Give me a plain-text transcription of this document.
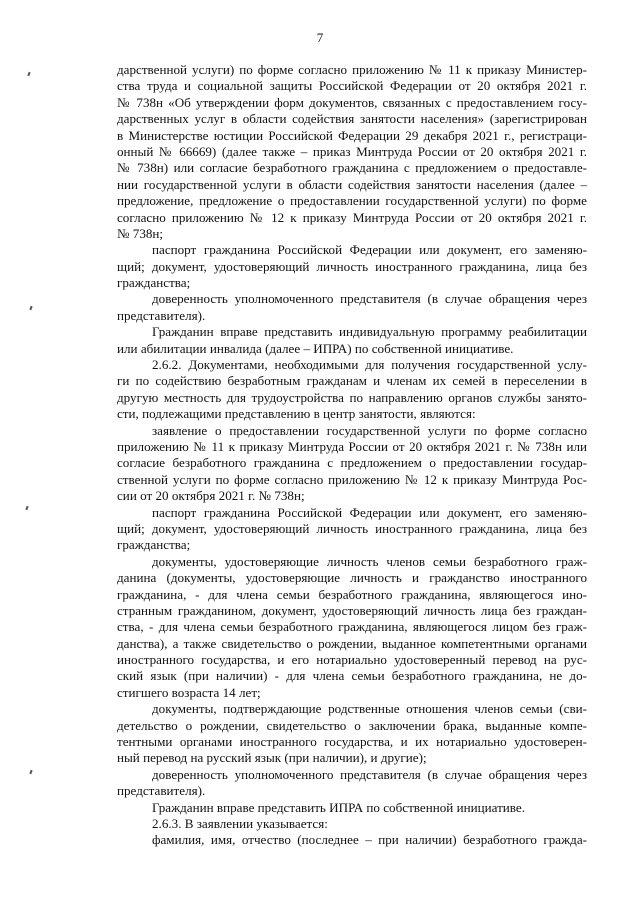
7
дарственной услуги) по форме согласно приложению № 11 к приказу Министер-
ства труда и социальной защиты Российской Федерации от 20 октября 2021 г.
№ 738н «Об утверждении форм документов, связанных с предоставлением госу-
дарственных услуг в области содействия занятости населения» (зарегистрирован
в Министерстве юстиции Российской Федерации 29 декабря 2021 г., регистраци-
онный № 66669) (далее также – приказ Минтруда России от 20 октября 2021 г.
№ 738н) или согласие безработного гражданина с предложением о предоставле-
нии государственной услуги в области содействия занятости населения (далее –
предложение, предложение о предоставлении государственной услуги) по форме
согласно приложению № 12 к приказу Минтруда России от 20 октября 2021 г.
№ 738н;
паспорт гражданина Российской Федерации или документ, его заменяю-
щий; документ, удостоверяющий личность иностранного гражданина, лица без
гражданства;
доверенность уполномоченного представителя (в случае обращения через
представителя).
Гражданин вправе представить индивидуальную программу реабилитации
или абилитации инвалида (далее – ИПРА) по собственной инициативе.
2.6.2. Документами, необходимыми для получения государственной услу-
ги по содействию безработным гражданам и членам их семей в переселении в
другую местность для трудоустройства по направлению органов службы занято-
сти, подлежащими представлению в центр занятости, являются:
заявление о предоставлении государственной услуги по форме согласно
приложению № 11 к приказу Минтруда России от 20 октября 2021 г. № 738н или
согласие безработного гражданина с предложением о предоставлении государ-
ственной услуги по форме согласно приложению № 12 к приказу Минтруда Рос-
сии от 20 октября 2021 г. № 738н;
паспорт гражданина Российской Федерации или документ, его заменяю-
щий; документ, удостоверяющий личность иностранного гражданина, лица без
гражданства;
документы, удостоверяющие личность членов семьи безработного граж-
данина (документы, удостоверяющие личность и гражданство иностранного
гражданина, - для члена семьи безработного гражданина, являющегося ино-
странным гражданином, документ, удостоверяющий личность лица без граждан-
ства, - для члена семьи безработного гражданина, являющегося лицом без граж-
данства), а также свидетельство о рождении, выданное компетентными органами
иностранного государства, и его нотариально удостоверенный перевод на рус-
ский язык (при наличии) - для члена семьи безработного гражданина, не до-
стигшего возраста 14 лет;
документы, подтверждающие родственные отношения членов семьи (сви-
детельство о рождении, свидетельство о заключении брака, выданные компе-
тентными органами иностранного государства, и их нотариально удостоверен-
ный перевод на русский язык (при наличии), и другие);
доверенность уполномоченного представителя (в случае обращения через
представителя).
Гражданин вправе представить ИПРА по собственной инициативе.
2.6.3. В заявлении указывается:
фамилия, имя, отчество (последнее – при наличии) безработного гражда-
